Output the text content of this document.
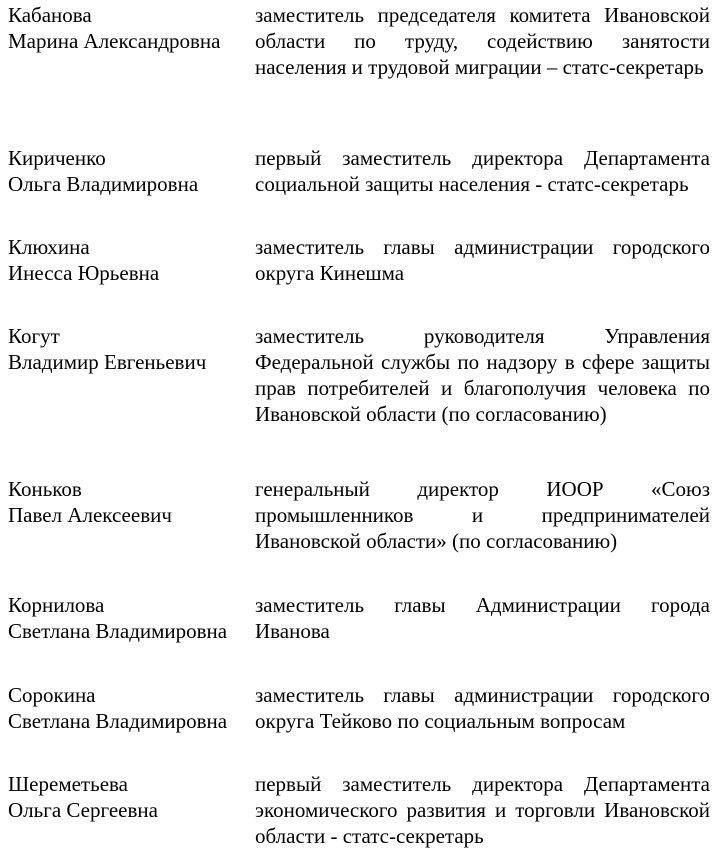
Кабанова
Марина Александровна
заместитель председателя комитета Ивановской области по труду, содействию занятости населения и трудовой миграции – статс-секретарь
Кириченко
Ольга Владимировна
первый заместитель директора Департамента социальной защиты населения - статс-секретарь
Клюхина
Инесса Юрьевна
заместитель главы администрации городского округа Кинешма
Когут
Владимир Евгеньевич
заместитель руководителя Управления Федеральной службы по надзору в сфере защиты прав потребителей и благополучия человека по Ивановской области (по согласованию)
Коньков
Павел Алексеевич
генеральный директор ИООР «Союз промышленников и предпринимателей Ивановской области» (по согласованию)
Корнилова
Светлана Владимировна
заместитель главы Администрации города Иванова
Сорокина
Светлана Владимировна
заместитель главы администрации городского округа Тейково по социальным вопросам
Шереметьева
Ольга Сергеевна
первый заместитель директора Департамента экономического развития и торговли Ивановской области - статс-секретарь
